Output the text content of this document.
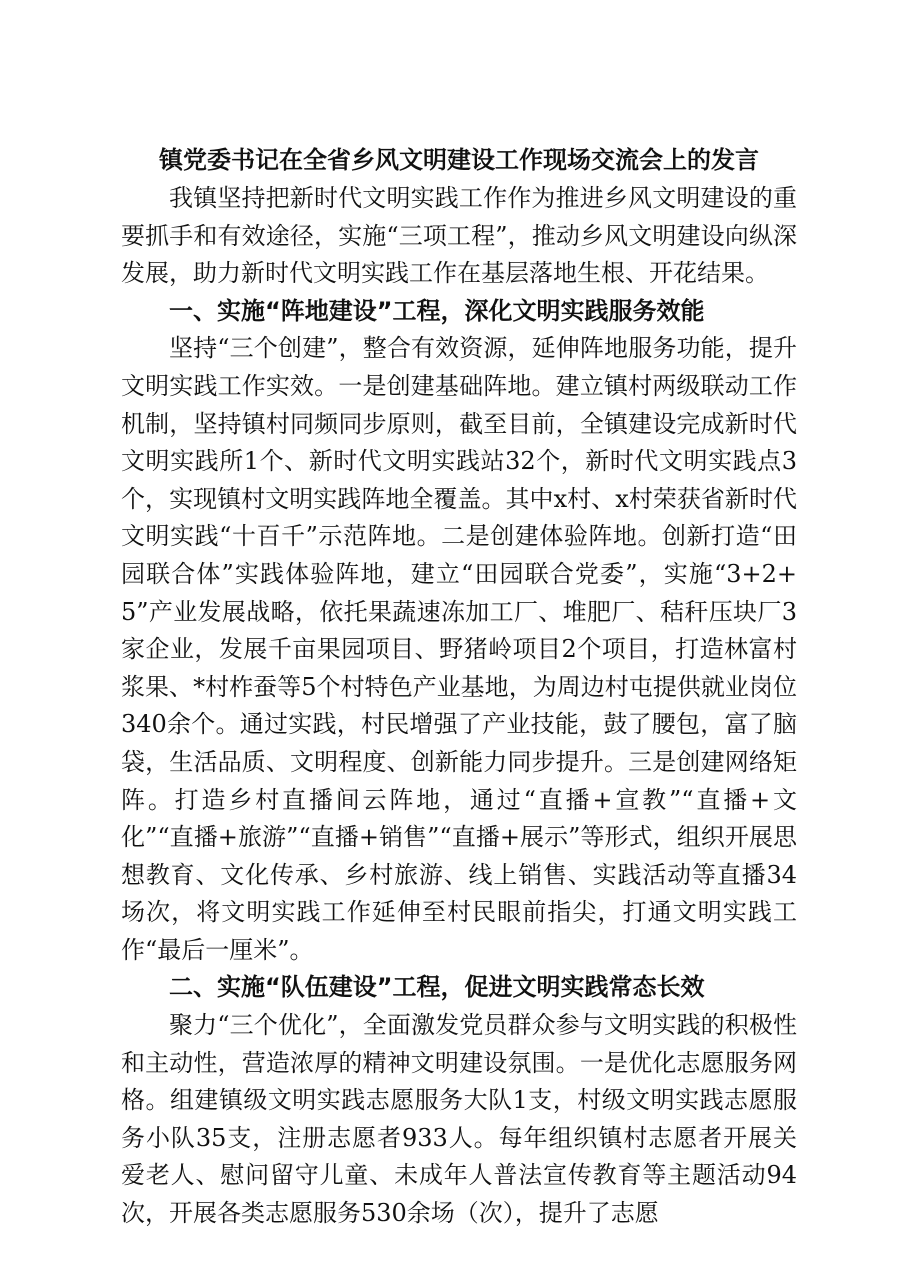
镇党委书记在全省乡风文明建设工作现场交流会上的发言

我镇坚持把新时代文明实践工作作为推进乡风文明建设的重要抓手和有效途径，实施“三项工程”，推动乡风文明建设向纵深发展，助力新时代文明实践工作在基层落地生根、开花结果。

一、实施“阵地建设”工程，深化文明实践服务效能

坚持“三个创建”，整合有效资源，延伸阵地服务功能，提升文明实践工作实效。一是创建基础阵地。建立镇村两级联动工作机制，坚持镇村同频同步原则，截至目前，全镇建设完成新时代文明实践所1个、新时代文明实践站32个，新时代文明实践点3个，实现镇村文明实践阵地全覆盖。其中x村、x村荣获省新时代文明实践“十百千”示范阵地。二是创建体验阵地。创新打造“田园联合体”实践体验阵地，建立“田园联合党委”，实施“3+2+5”产业发展战略，依托果蔬速冻加工厂、堆肥厂、秸秆压块厂3家企业，发展千亩果园项目、野猪岭项目2个项目，打造林富村浆果、*村柞蚕等5个村特色产业基地，为周边村屯提供就业岗位340余个。通过实践，村民增强了产业技能，鼓了腰包，富了脑袋，生活品质、文明程度、创新能力同步提升。三是创建网络矩阵。打造乡村直播间云阵地，通过“直播+宣教”“直播+文化”“直播+旅游”“直播+销售”“直播+展示”等形式，组织开展思想教育、文化传承、乡村旅游、线上销售、实践活动等直播34场次，将文明实践工作延伸至村民眼前指尖，打通文明实践工作“最后一厘米”。

二、实施“队伍建设”工程，促进文明实践常态长效

聚力“三个优化”，全面激发党员群众参与文明实践的积极性和主动性，营造浓厚的精神文明建设氛围。一是优化志愿服务网格。组建镇级文明实践志愿服务大队1支，村级文明实践志愿服务小队35支，注册志愿者933人。每年组织镇村志愿者开展关爱老人、慰问留守儿童、未成年人普法宣传教育等主题活动94次，开展各类志愿服务530余场（次），提升了志愿
